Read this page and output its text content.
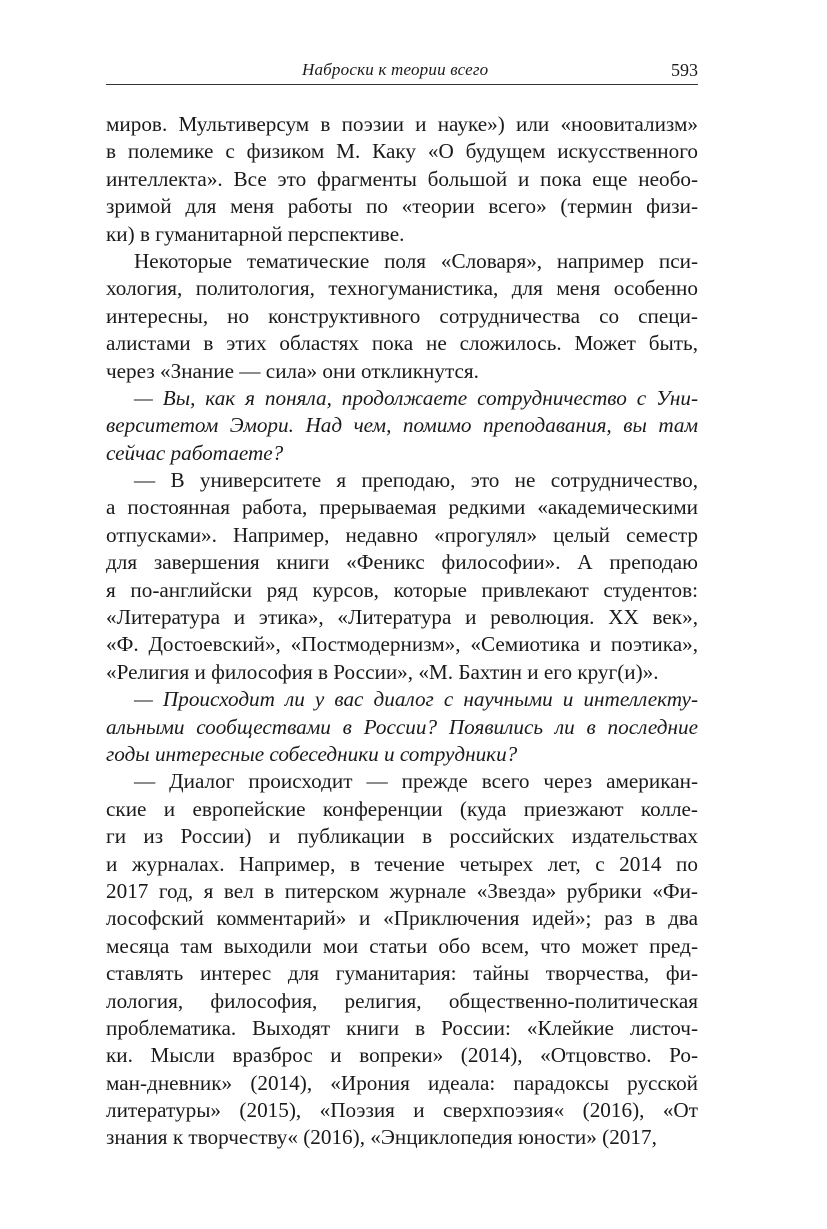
Наброски к теории всего	593
миров. Мультиверсум в поэзии и науке») или «нoовитализм»
в полемике с физиком М. Каку «О будущем искусственного
интеллекта». Все это фрагменты большой и пока еще необо-
зримой для меня работы по «теории всего» (термин физи-
ки) в гуманитарной перспективе.
Некоторые тематические поля «Словаря», например пси-
хология, политология, техногуманистика, для меня особенно
интересны, но конструктивного сотрудничества со специ-
алистами в этих областях пока не сложилось. Может быть,
через «Знание — сила» они откликнутся.
— Вы, как я поняла, продолжаете сотрудничество с Уни-
верситетом Эмори. Над чем, помимо преподавания, вы там
сейчас работаете?
— В университете я преподаю, это не сотрудничество,
а постоянная работа, прерываемая редкими «академическими
отпусками». Например, недавно «прогулял» целый семестр
для завершения книги «Феникс философии». А преподаю
я по-английски ряд курсов, которые привлекают студентов:
«Литература и этика», «Литература и революция. XX век»,
«Ф. Достоевский», «Постмодернизм», «Семиотика и поэтика»,
«Религия и философия в России», «М. Бахтин и его круг(и)».
— Происходит ли у вас диалог с научными и интеллекту-
альными сообществами в России? Появились ли в последние
годы интересные собеседники и сотрудники?
— Диалог происходит — прежде всего через американ-
ские и европейские конференции (куда приезжают колле-
ги из России) и публикации в российских издательствах
и журналах. Например, в течение четырех лет, с 2014 по
2017 год, я вел в питерском журнале «Звезда» рубрики «Фи-
лософский комментарий» и «Приключения идей»; раз в два
месяца там выходили мои статьи обо всем, что может пред-
ставлять интерес для гуманитария: тайны творчества, фи-
лология, философия, религия, общественно-политическая
проблематика. Выходят книги в России: «Клейкие листоч-
ки. Мысли вразброс и вопреки» (2014), «Отцовство. Ро-
ман-дневник» (2014), «Ирония идеала: парадоксы русской
литературы» (2015), «Поэзия и сверхпоэзия« (2016), «От
знания к творчеству« (2016), «Энциклопедия юности» (2017,
